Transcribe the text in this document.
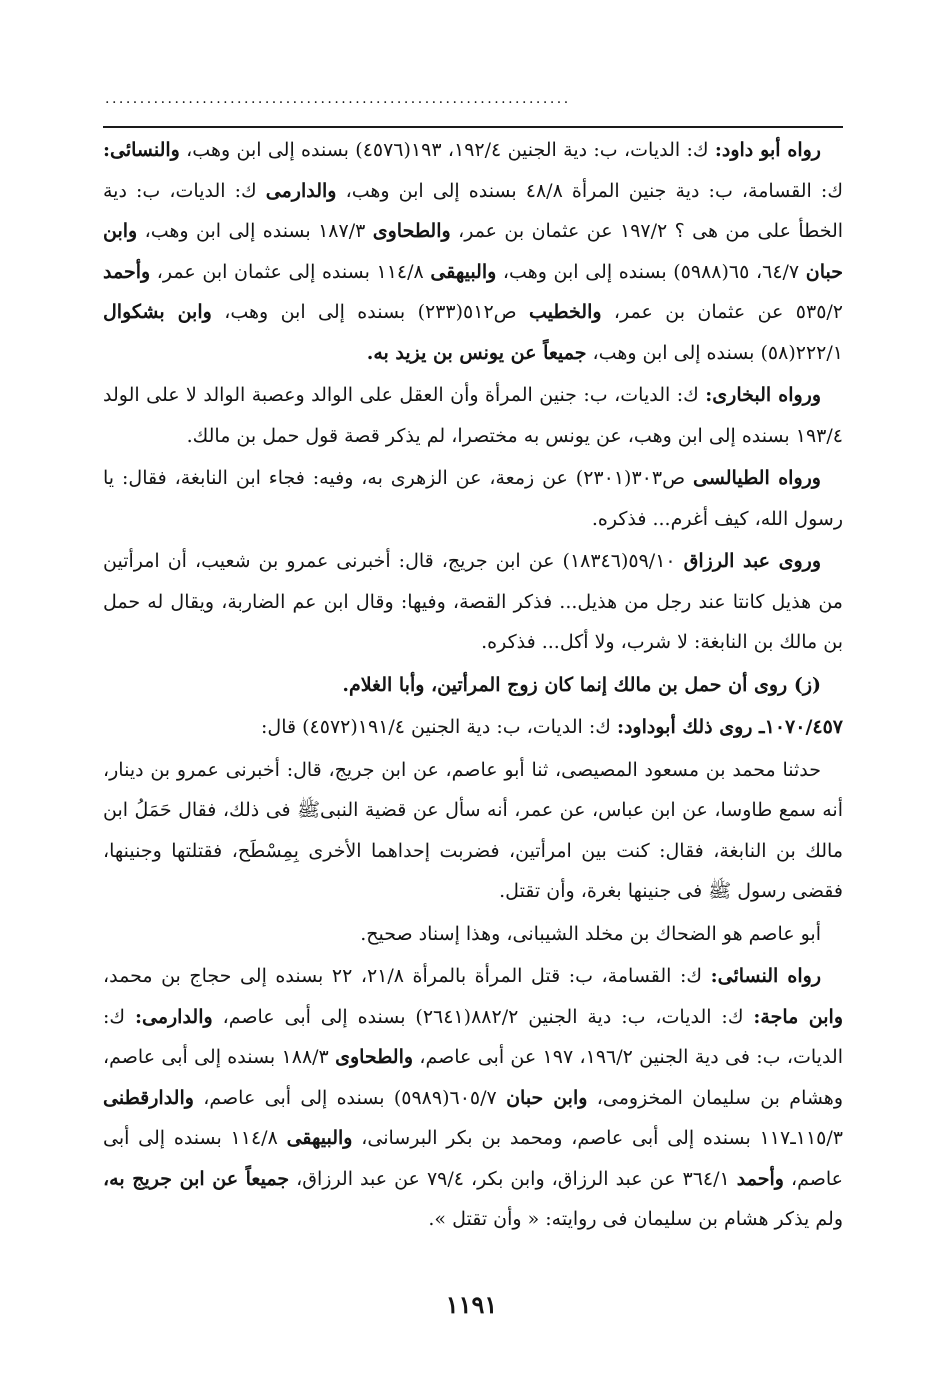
...................................................................

رواه أبو داود: ك: الديات، ب: دية الجنين ١٩٢/٤، ١٩٣(٤٥٧٦) بسنده إلى ابن وهب، والنسائى: ك: القسامة، ب: دية جنين المرأة ٤٨/٨ بسنده إلى ابن وهب، والدارمى ك: الديات، ب: دية الخطأ على من هى ؟ ١٩٧/٢ عن عثمان بن عمر، والطحاوى ١٨٧/٣ بسنده إلى ابن وهب، وابن حبان ٦٤/٧، ٦٥(٥٩٨٨) بسنده إلى ابن وهب، والبيهقى ١١٤/٨ بسنده إلى عثمان ابن عمر، وأحمد ٥٣٥/٢ عن عثمان بن عمر، والخطيب ص٥١٢(٢٣٣) بسنده إلى ابن وهب، وابن بشكوال ٢٢٢/١(٥٨) بسنده إلى ابن وهب، جميعاً عن يونس بن يزيد به.

ورواه البخارى: ك: الديات، ب: جنين المرأة وأن العقل على الوالد وعصبة الوالد لا على الولد ١٩٣/٤ بسنده إلى ابن وهب، عن يونس به مختصرا، لم يذكر قصة قول حمل بن مالك.

ورواه الطيالسى ص٣٠٣(٢٣٠١) عن زمعة، عن الزهرى به، وفيه: فجاء ابن النابغة، فقال: يا رسول الله، كيف أغرم... فذكره.

وروى عبد الرزاق ٥٩/١٠(١٨٣٤٦) عن ابن جريج، قال: أخبرنى عمرو بن شعيب، أن امرأتين من هذيل كانتا عند رجل من هذيل... فذكر القصة، وفيها: وقال ابن عم الضاربة، ويقال له حمل بن مالك بن النابغة: لا شرب، ولا أكل... فذكره.

(ز) روى أن حمل بن مالك إنما كان زوج المرأتين، وأبا الغلام.

١٠٧٠/٤٥٧ـ روى ذلك أبوداود: ك: الديات، ب: دية الجنين ١٩١/٤(٤٥٧٢) قال:

حدثنا محمد بن مسعود المصيصى، ثنا أبو عاصم، عن ابن جريج، قال: أخبرنى عمرو بن دينار، أنه سمع طاوسا، عن ابن عباس، عن عمر، أنه سأل عن قضية النبىﷺ فى ذلك، فقال حَمَلُ ابن مالك بن النابغة، فقال: كنت بين امرأتين، فضربت إحداهما الأخرى بِمِسْطَح، فقتلتها وجنينها، فقضى رسول ﷺ فى جنينها بغرة، وأن تقتل.

أبو عاصم هو الضحاك بن مخلد الشيبانى، وهذا إسناد صحيح.

رواه النسائى: ك: القسامة، ب: قتل المرأة بالمرأة ٢١/٨، ٢٢ بسنده إلى حجاج بن محمد، وابن ماجة: ك: الديات، ب: دية الجنين ٨٨٢/٢(٢٦٤١) بسنده إلى أبى عاصم، والدارمى: ك: الديات، ب: فى دية الجنين ١٩٦/٢، ١٩٧ عن أبى عاصم، والطحاوى ١٨٨/٣ بسنده إلى أبى عاصم، وهشام بن سليمان المخزومى، وابن حبان ٦٠٥/٧(٥٩٨٩) بسنده إلى أبى عاصم، والدارقطنى ١١٥/٣ـ١١٧ بسنده إلى أبى عاصم، ومحمد بن بكر البرسانى، والبيهقى ١١٤/٨ بسنده إلى أبى عاصم، وأحمد ٣٦٤/١ عن عبد الرزاق، وابن بكر، ٧٩/٤ عن عبد الرزاق، جميعاً عن ابن جريج به، ولم يذكر هشام بن سليمان فى روايته: « وأن تقتل ».

١١٩١
